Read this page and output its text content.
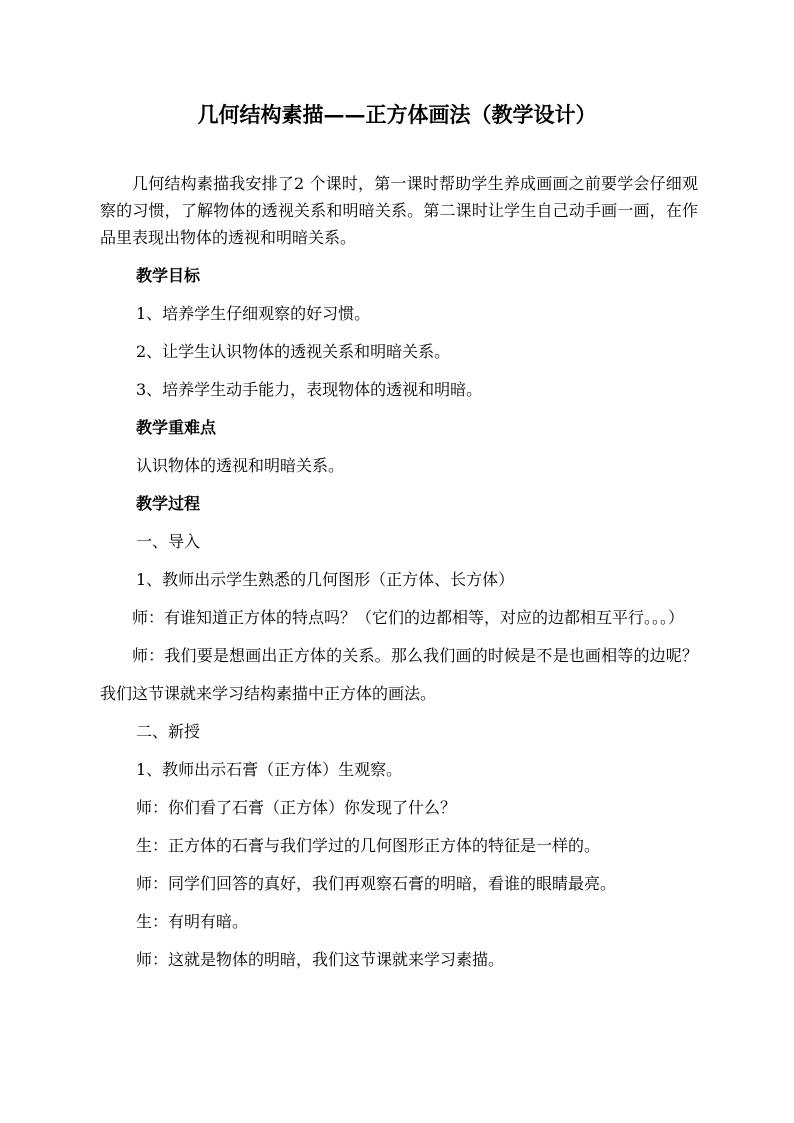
几何结构素描——正方体画法（教学设计）

几何结构素描我安排了2 个课时，第一课时帮助学生养成画画之前要学会仔细观察的习惯，了解物体的透视关系和明暗关系。第二课时让学生自己动手画一画，在作品里表现出物体的透视和明暗关系。

教学目标

1、培养学生仔细观察的好习惯。

2、让学生认识物体的透视关系和明暗关系。

3、培养学生动手能力，表现物体的透视和明暗。

教学重难点

认识物体的透视和明暗关系。

教学过程

一、导入

1、教师出示学生熟悉的几何图形（正方体、长方体）

师：有谁知道正方体的特点吗？（它们的边都相等，对应的边都相互平行。。。）

师：我们要是想画出正方体的关系。那么我们画的时候是不是也画相等的边呢？我们这节课就来学习结构素描中正方体的画法。

二、新授

1、教师出示石膏（正方体）生观察。

师：你们看了石膏（正方体）你发现了什么？

生：正方体的石膏与我们学过的几何图形正方体的特征是一样的。

师：同学们回答的真好，我们再观察石膏的明暗，看谁的眼睛最亮。

生：有明有暗。

师：这就是物体的明暗，我们这节课就来学习素描。
